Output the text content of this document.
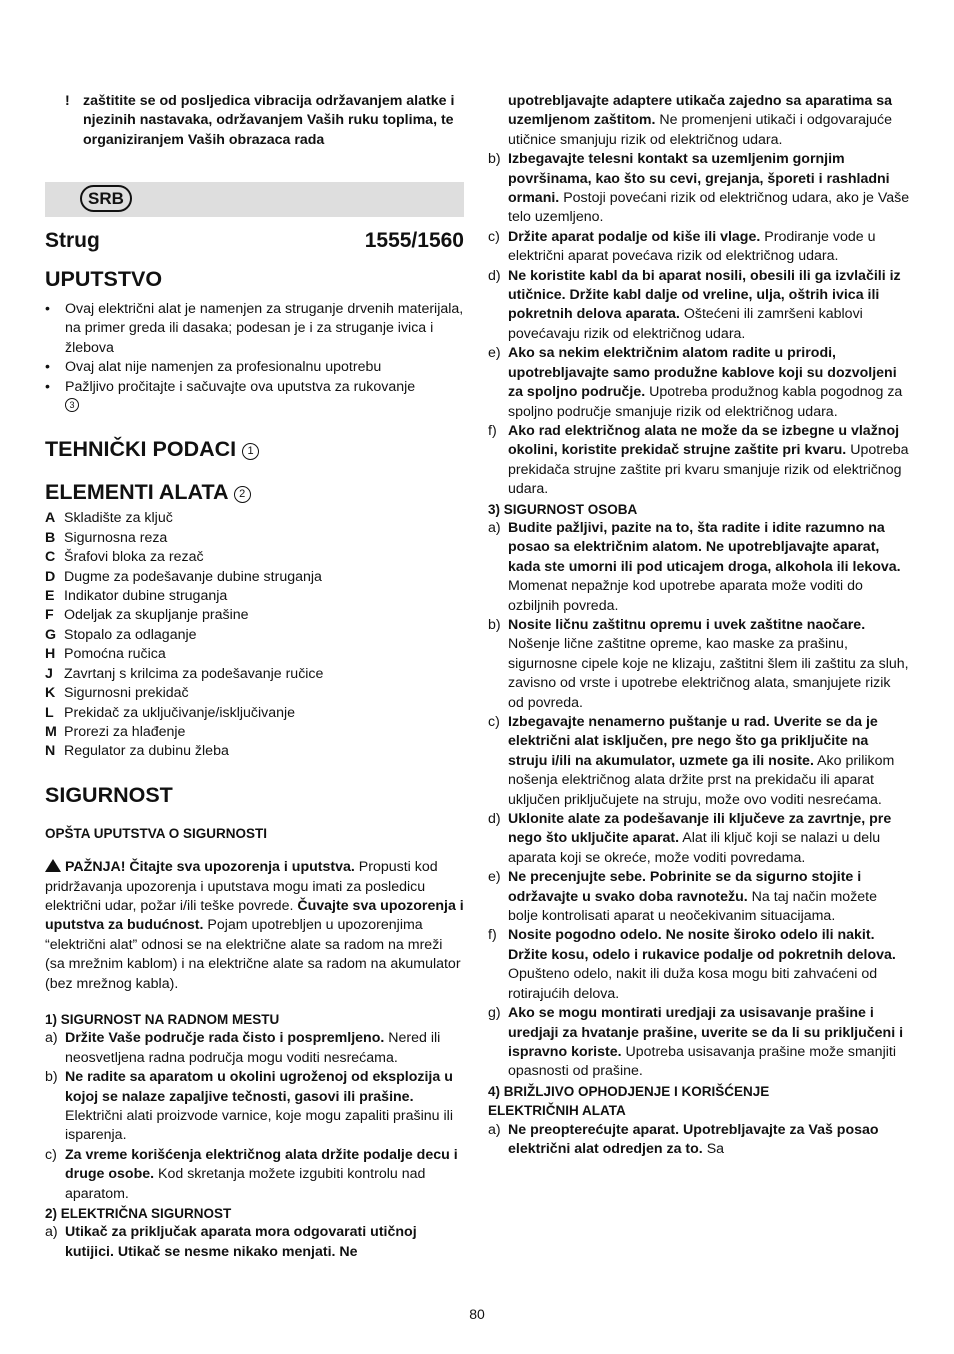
! zaštitite se od posljedica vibracija održavanjem alatke i njezinih nastavaka, održavanjem Vaših ruku toplima, te organiziranjem Vaših obrazaca rada
SRB
Strug	1555/1560
UPUTSTVO
•	Ovaj električni alat je namenjen za struganje drvenih materijala, na primer greda ili dasaka; podesan je i za struganje ivica i žlebova
•	Ovaj alat nije namenjen za profesionalnu upotrebu
•	Pažljivo pročitajte i sačuvajte ova uputstva za rukovanje
3
TEHNIČKI PODACI 1
ELEMENTI ALATA 2
A Skladište za ključ
B Sigurnosna reza
C Šrafovi bloka za rezač
D Dugme za podešavanje dubine struganja
E Indikator dubine struganja
F Odeljak za skupljanje prašine
G Stopalo za odlaganje
H Pomoćna ručica
J Zavrtanj s krilcima za podešavanje ručice
K Sigurnosni prekidač
L Prekidač za uključivanje/isključivanje
M Prorezi za hlađenje
N Regulator za dubinu žleba
SIGURNOST
OPŠTA UPUTSTVA O SIGURNOSTI
PAŽNJA! Čitajte sva upozorenja i uputstva. Propusti kod pridržavanja upozorenja i uputstava mogu imati za posledicu električni udar, požar i/ili teške povrede. Čuvajte sva upozorenja i uputstva za budućnost. Pojam upotrebljen u upozorenjima “električni alat” odnosi se na električne alate sa radom na mreži (sa mrežnim kablom) i na električne alate sa radom na akumulator (bez mrežnog kabla).
1) SIGURNOST NA RADNOM MESTU
a) Držite Vaše područje rada čisto i pospremljeno. Nered ili neosvetljena radna područja mogu voditi nesrećama.
b) Ne radite sa aparatom u okolini ugroženoj od eksplozija u kojoj se nalaze zapaljive tečnosti, gasovi ili prašine. Električni alati proizvode varnice, koje mogu zapaliti prašinu ili isparenja.
c) Za vreme korišćenja električnog alata držite podalje decu i druge osobe. Kod skretanja možete izgubiti kontrolu nad aparatom.
2) ELEKTRIČNA SIGURNOST
a) Utikač za priključak aparata mora odgovarati utičnoj kutijici. Utikač se nesme nikako menjati. Ne
upotrebljavajte adaptere utikača zajedno sa aparatima sa uzemljenom zaštitom. Ne promenjeni utikači i odgovarajuće utičnice smanjuju rizik od električnog udara.
b) Izbegavajte telesni kontakt sa uzemljenim gornjim površinama, kao što su cevi, grejanja, šporeti i rashladni ormani. Postoji povećani rizik od električnog udara, ako je Vaše telo uzemljeno.
c) Držite aparat podalje od kiše ili vlage. Prodiranje vode u električni aparat povećava rizik od električnog udara.
d) Ne koristite kabl da bi aparat nosili, obesili ili ga izvlačili iz utičnice. Držite kabl dalje od vreline, ulja, oštrih ivica ili pokretnih delova aparata. Oštećeni ili zamršeni kablovi povećavaju rizik od električnog udara.
e) Ako sa nekim električnim alatom radite u prirodi, upotrebljavajte samo produžne kablove koji su dozvoljeni za spoljno područje. Upotreba produžnog kabla pogodnog za spoljno područje smanjuje rizik od električnog udara.
f) Ako rad električnog alata ne može da se izbegne u vlažnoj okolini, koristite prekidač strujne zaštite pri kvaru. Upotreba prekidača strujne zaštite pri kvaru smanjuje rizik od električnog udara.
3) SIGURNOST OSOBA
a) Budite pažljivi, pazite na to, šta radite i idite razumno na posao sa električnim alatom. Ne upotrebljavajte aparat, kada ste umorni ili pod uticajem droga, alkohola ili lekova. Momenat nepažnje kod upotrebe aparata može voditi do ozbiljnih povreda.
b) Nosite ličnu zaštitnu opremu i uvek zaštitne naočare. Nošenje lične zaštitne opreme, kao maske za prašinu, sigurnosne cipele koje ne klizaju, zaštitni šlem ili zaštitu za sluh, zavisno od vrste i upotrebe električnog alata, smanjujete rizik od povreda.
c) Izbegavajte nenamerno puštanje u rad. Uverite se da je električni alat isključen, pre nego što ga priključite na struju i/ili na akumulator, uzmete ga ili nosite. Ako prilikom nošenja električnog alata držite prst na prekidaču ili aparat uključen priključujete na struju, može ovo voditi nesrećama.
d) Uklonite alate za podešavanje ili ključeve za zavrtnje, pre nego što uključite aparat. Alat ili ključ koji se nalazi u delu aparata koji se okreće, može voditi povredama.
e) Ne precenjujte sebe. Pobrinite se da sigurno stojite i održavajte u svako doba ravnotežu. Na taj način možete bolje kontrolisati aparat u neočekivanim situacijama.
f) Nosite pogodno odelo. Ne nosite široko odelo ili nakit. Držite kosu, odelo i rukavice podalje od pokretnih delova. Opušteno odelo, nakit ili duža kosa mogu biti zahvaćeni od rotirajućih delova.
g) Ako se mogu montirati uredjaji za usisavanje prašine i uredjaji za hvatanje prašine, uverite se da li su priključeni i ispravno koriste. Upotreba usisavanja prašine može smanjiti opasnosti od prašine.
4) BRIŽLJIVO OPHODJENJE I KORIŠĆENJE ELEKTRIČNIH ALATA
a) Ne preopterećujte aparat. Upotrebljavajte za Vaš posao električni alat odredjen za to. Sa
80
